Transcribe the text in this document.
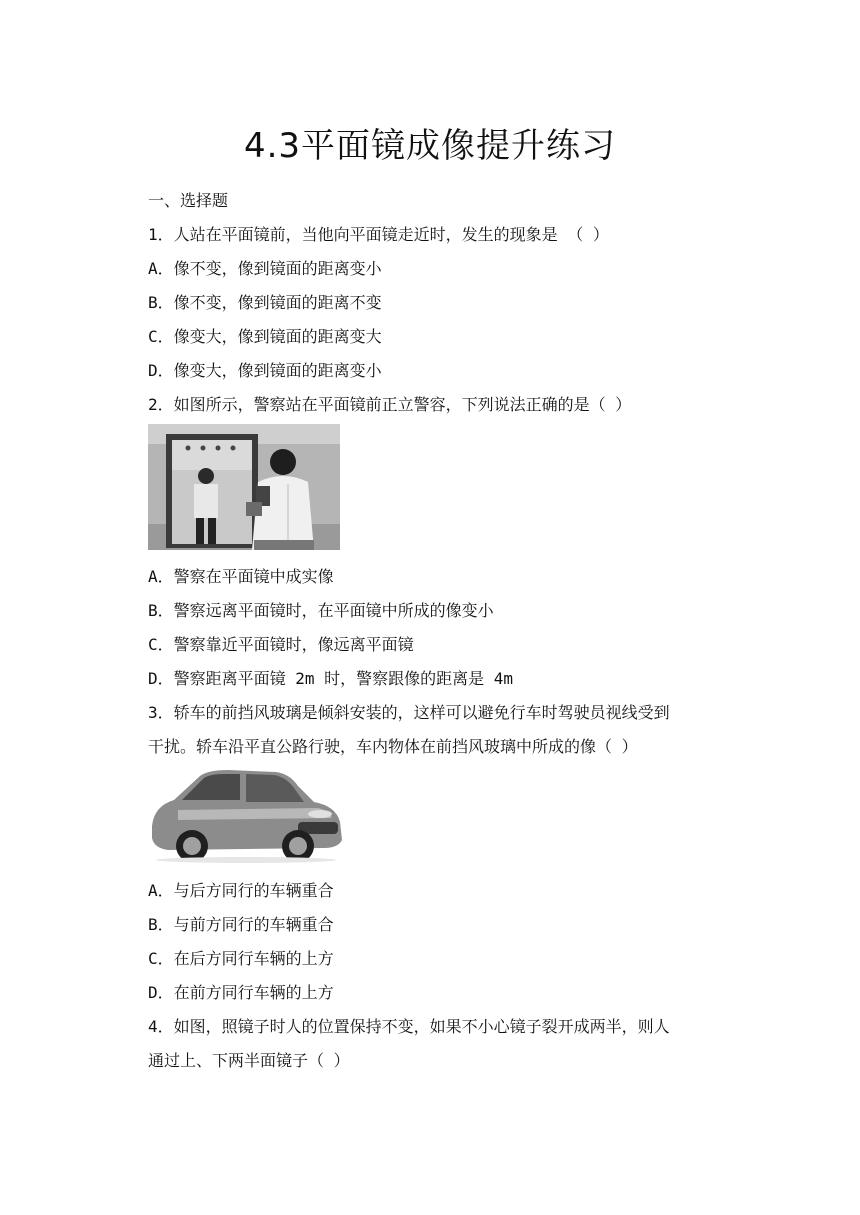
4.3平面镜成像提升练习
一、选择题
1．人站在平面镜前，当他向平面镜走近时，发生的现象是 （ ）
A．像不变，像到镜面的距离变小
B．像不变，像到镜面的距离不变
C．像变大，像到镜面的距离变大
D．像变大，像到镜面的距离变小
2．如图所示，警察站在平面镜前正立警容，下列说法正确的是（ ）
A．警察在平面镜中成实像
B．警察远离平面镜时，在平面镜中所成的像变小
C．警察靠近平面镜时，像远离平面镜
D．警察距离平面镜 2m 时，警察跟像的距离是 4m
3．轿车的前挡风玻璃是倾斜安装的，这样可以避免行车时驾驶员视线受到
干扰。轿车沿平直公路行驶，车内物体在前挡风玻璃中所成的像（ ）
A．与后方同行的车辆重合
B．与前方同行的车辆重合
C．在后方同行车辆的上方
D．在前方同行车辆的上方
4．如图，照镜子时人的位置保持不变，如果不小心镜子裂开成两半，则人
通过上、下两半面镜子（ ）
